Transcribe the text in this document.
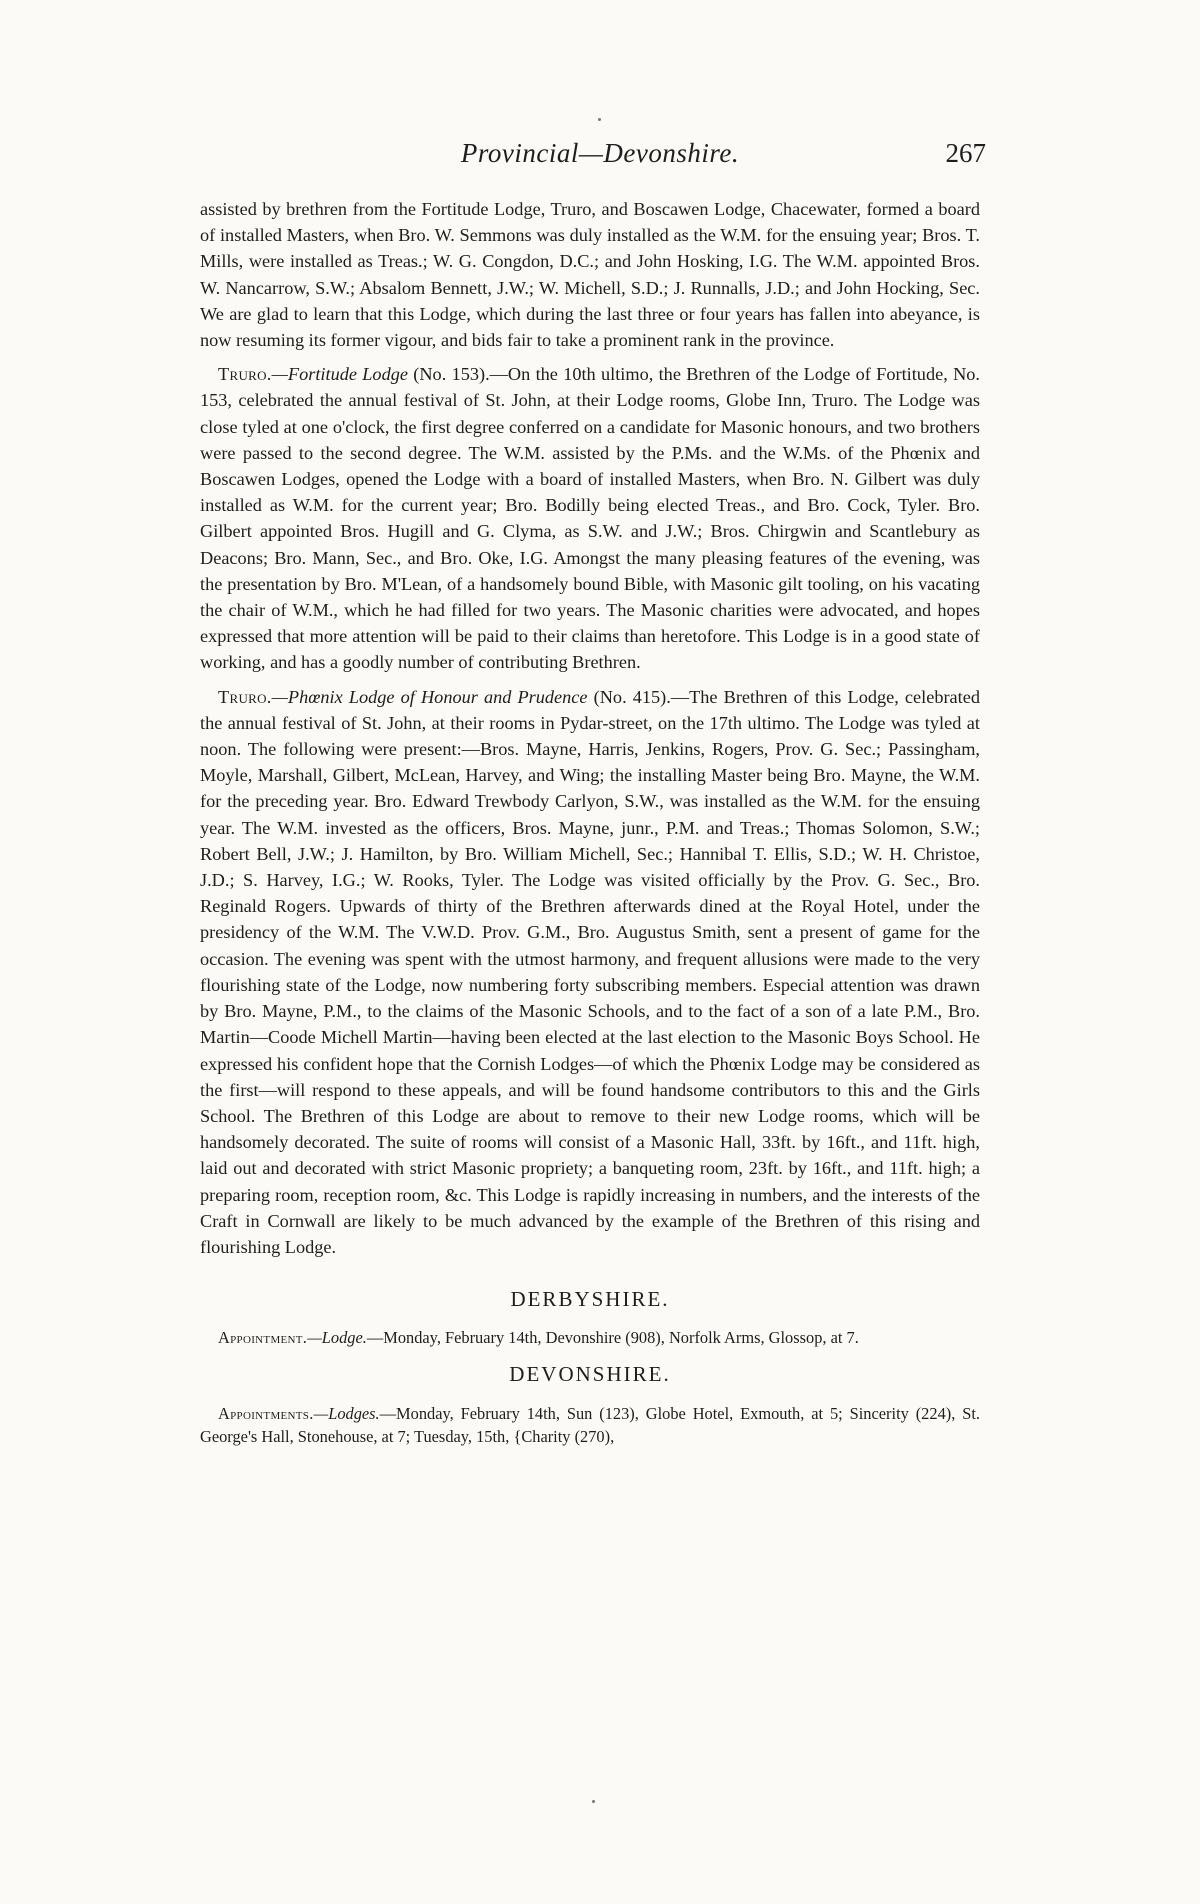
Provincial—Devonshire.	267

assisted by brethren from the Fortitude Lodge, Truro, and Boscawen Lodge, Chacewater, formed a board of installed Masters, when Bro. W. Semmons was duly installed as the W.M. for the ensuing year; Bros. T. Mills, were installed as Treas.; W. G. Congdon, D.C.; and John Hosking, I.G. The W.M. appointed Bros. W. Nancarrow, S.W.; Absalom Bennett, J.W.; W. Michell, S.D.; J. Runnalls, J.D.; and John Hocking, Sec. We are glad to learn that this Lodge, which during the last three or four years has fallen into abeyance, is now resuming its former vigour, and bids fair to take a prominent rank in the province.

Truro.—Fortitude Lodge (No. 153).—On the 10th ultimo, the Brethren of the Lodge of Fortitude, No. 153, celebrated the annual festival of St. John, at their Lodge rooms, Globe Inn, Truro. The Lodge was close tyled at one o'clock, the first degree conferred on a candidate for Masonic honours, and two brothers were passed to the second degree. The W.M. assisted by the P.Ms. and the W.Ms. of the Phœnix and Boscawen Lodges, opened the Lodge with a board of installed Masters, when Bro. N. Gilbert was duly installed as W.M. for the current year; Bro. Bodilly being elected Treas., and Bro. Cock, Tyler. Bro. Gilbert appointed Bros. Hugill and G. Clyma, as S.W. and J.W.; Bros. Chirgwin and Scantlebury as Deacons; Bro. Mann, Sec., and Bro. Oke, I.G. Amongst the many pleasing features of the evening, was the presentation by Bro. M'Lean, of a handsomely bound Bible, with Masonic gilt tooling, on his vacating the chair of W.M., which he had filled for two years. The Masonic charities were advocated, and hopes expressed that more attention will be paid to their claims than heretofore. This Lodge is in a good state of working, and has a goodly number of contributing Brethren.

Truro.—Phœnix Lodge of Honour and Prudence (No. 415).—The Brethren of this Lodge, celebrated the annual festival of St. John, at their rooms in Pydar-street, on the 17th ultimo. The Lodge was tyled at noon. The following were present:—Bros. Mayne, Harris, Jenkins, Rogers, Prov. G. Sec.; Passingham, Moyle, Marshall, Gilbert, McLean, Harvey, and Wing; the installing Master being Bro. Mayne, the W.M. for the preceding year. Bro. Edward Trewbody Carlyon, S.W., was installed as the W.M. for the ensuing year. The W.M. invested as the officers, Bros. Mayne, junr., P.M. and Treas.; Thomas Solomon, S.W.; Robert Bell, J.W.; J. Hamilton, by Bro. William Michell, Sec.; Hannibal T. Ellis, S.D.; W. H. Christoe, J.D.; S. Harvey, I.G.; W. Rooks, Tyler. The Lodge was visited officially by the Prov. G. Sec., Bro. Reginald Rogers. Upwards of thirty of the Brethren afterwards dined at the Royal Hotel, under the presidency of the W.M. The V.W.D. Prov. G.M., Bro. Augustus Smith, sent a present of game for the occasion. The evening was spent with the utmost harmony, and frequent allusions were made to the very flourishing state of the Lodge, now numbering forty subscribing members. Especial attention was drawn by Bro. Mayne, P.M., to the claims of the Masonic Schools, and to the fact of a son of a late P.M., Bro. Martin—Coode Michell Martin—having been elected at the last election to the Masonic Boys School. He expressed his confident hope that the Cornish Lodges—of which the Phœnix Lodge may be considered as the first—will respond to these appeals, and will be found handsome contributors to this and the Girls School. The Brethren of this Lodge are about to remove to their new Lodge rooms, which will be handsomely decorated. The suite of rooms will consist of a Masonic Hall, 33ft. by 16ft., and 11ft. high, laid out and decorated with strict Masonic propriety; a banqueting room, 23ft. by 16ft., and 11ft. high; a preparing room, reception room, &c. This Lodge is rapidly increasing in numbers, and the interests of the Craft in Cornwall are likely to be much advanced by the example of the Brethren of this rising and flourishing Lodge.

DERBYSHIRE.

Appointment.—Lodge.—Monday, February 14th, Devonshire (908), Norfolk Arms, Glossop, at 7.

DEVONSHIRE.

Appointments.—Lodges.—Monday, February 14th, Sun (123), Globe Hotel, Exmouth, at 5; Sincerity (224), St. George's Hall, Stonehouse, at 7; Tuesday, 15th, {Charity (270),
